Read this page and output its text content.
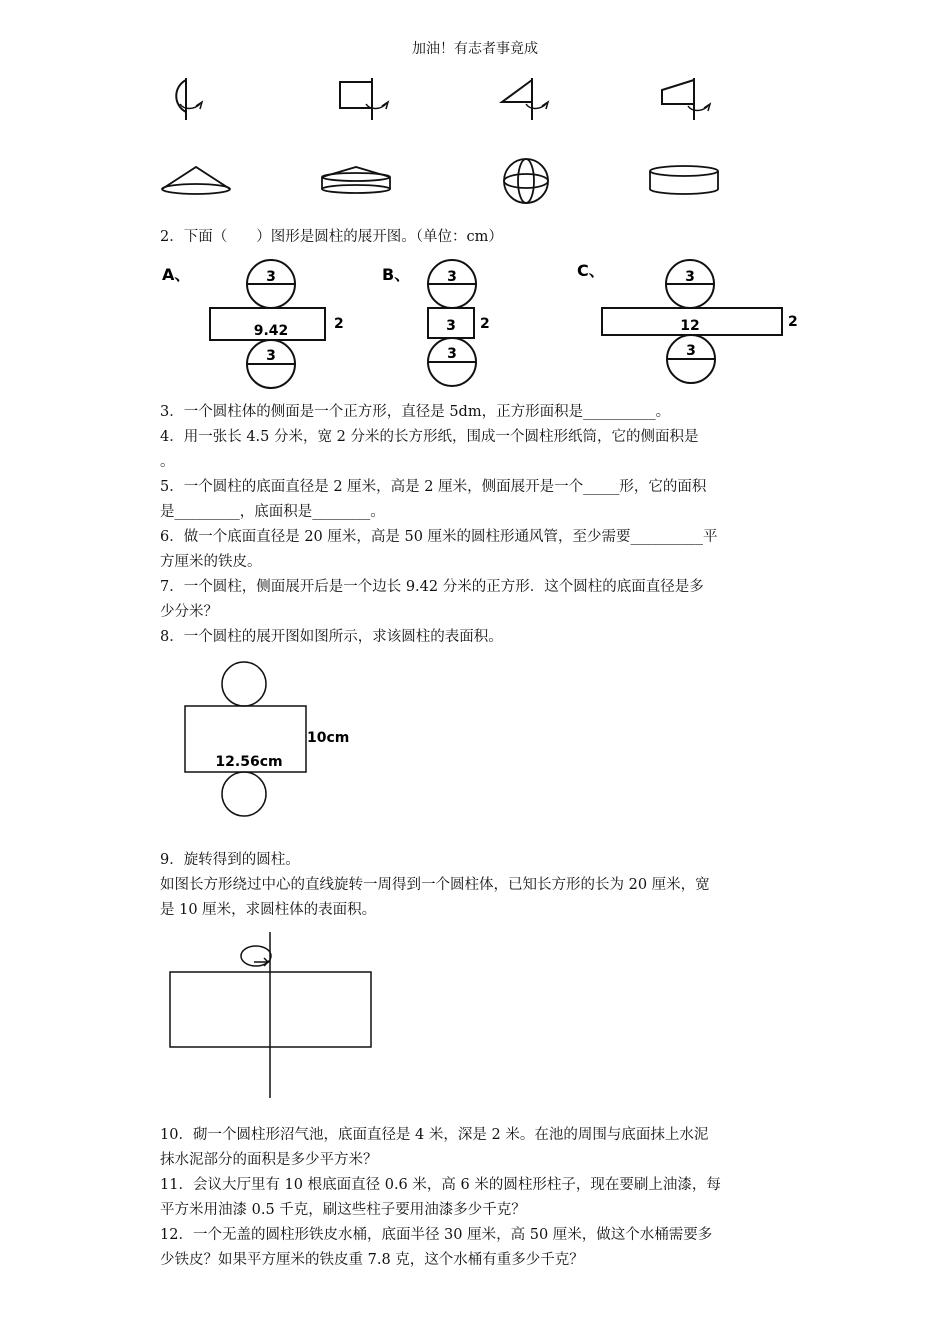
加油！有志者事竟成
2．下面（　　）图形是圆柱的展开图。（单位：cm）
A、	3
9.42
3
2
B、	3
3
3
2
C、	3
12
3
2
3．一个圆柱体的侧面是一个正方形，直径是 5dm，正方形面积是__________。
4．用一张长 4.5 分米，宽 2 分米的长方形纸，围成一个圆柱形纸筒，它的侧面积是
。
5．一个圆柱的底面直径是 2 厘米，高是 2 厘米，侧面展开是一个_____形，它的面积
是_________，底面积是________。
6．做一个底面直径是 20 厘米，高是 50 厘米的圆柱形通风管，至少需要__________平
方厘米的铁皮。
7．一个圆柱，侧面展开后是一个边长 9.42 分米的正方形．这个圆柱的底面直径是多
少分米？
8．一个圆柱的展开图如图所示，求该圆柱的表面积。
10cm
12.56cm
9．旋转得到的圆柱。
如图长方形绕过中心的直线旋转一周得到一个圆柱体，已知长方形的长为 20 厘米，宽
是 10 厘米，求圆柱体的表面积。
10．砌一个圆柱形沼气池，底面直径是 4 米，深是 2 米。在池的周围与底面抹上水泥
抹水泥部分的面积是多少平方米？
11．会议大厅里有 10 根底面直径 0.6 米，高 6 米的圆柱形柱子，现在要刷上油漆，每
平方米用油漆 0.5 千克，刷这些柱子要用油漆多少千克？
12．一个无盖的圆柱形铁皮水桶，底面半径 30 厘米，高 50 厘米，做这个水桶需要多
少铁皮？如果平方厘米的铁皮重 7.8 克，这个水桶有重多少千克？
